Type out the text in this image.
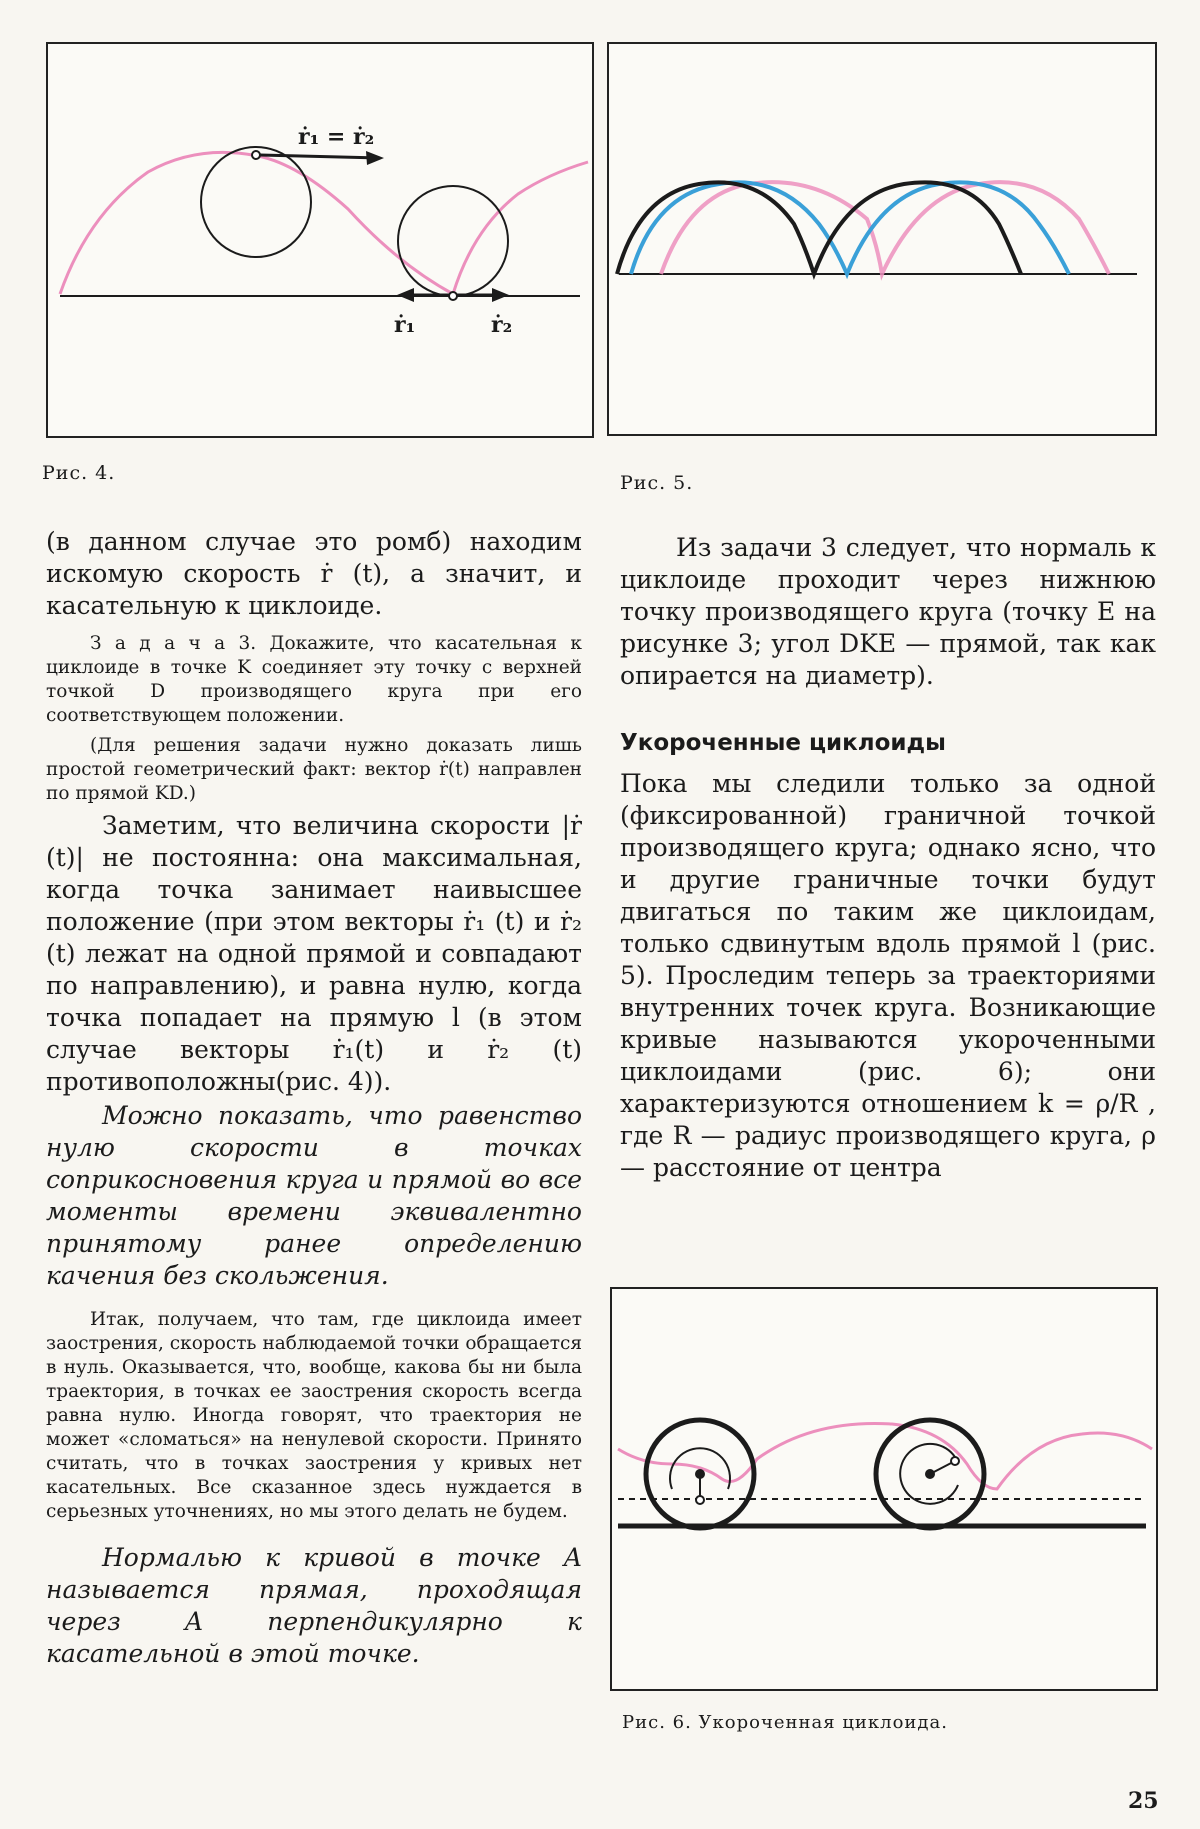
ṙ₁ = ṙ₂
ṙ₁	ṙ₂
Рис. 4.	Рис. 5.

(в данном случае это ромб) находим искомую скорость ṙ (t), а значит, и касательную к циклоиде.

З а д а ч а 3. Докажите, что касательная к циклоиде в точке K соединяет эту точку с верхней точкой D производящего круга при его соответствующем положении.

(Для решения задачи нужно доказать лишь простой геометрический факт: вектор ṙ(t) направлен по прямой KD.)

Заметим, что величина скорости |ṙ (t)| не постоянна: она максимальная, когда точка занимает наивысшее положение (при этом векторы ṙ₁ (t) и ṙ₂ (t) лежат на одной прямой и совпадают по направлению), и равна нулю, когда точка попадает на прямую l (в этом случае векторы ṙ₁(t) и ṙ₂ (t) противоположны(рис. 4)).

Можно показать, что равенство нулю скорости в точках соприкосновения круга и прямой во все моменты времени эквивалентно принятому ранее определению качения без скольжения.

Итак, получаем, что там, где циклоида имеет заострения, скорость наблюдаемой точки обращается в нуль. Оказывается, что, вообще, какова бы ни была траектория, в точках ее заострения скорость всегда равна нулю. Иногда говорят, что траектория не может «сломаться» на ненулевой скорости. Принято считать, что в точках заострения у кривых нет касательных. Все сказанное здесь нуждается в серьезных уточнениях, но мы этого делать не будем.

Нормалью к кривой в точке A называется прямая, проходящая через A перпендикулярно к касательной в этой точке.

Из задачи 3 следует, что нормаль к циклоиде проходит через нижнюю точку производящего круга (точку E на рисунке 3; угол DKE — прямой, так как опирается на диаметр).

Укороченные циклоиды

Пока мы следили только за одной (фиксированной) граничной точкой производящего круга; однако ясно, что и другие граничные точки будут двигаться по таким же циклоидам, только сдвинутым вдоль прямой l (рис. 5). Проследим теперь за траекториями внутренних точек круга. Возникающие кривые называются укороченными циклоидами (рис. 6); они характеризуются отношением k = ρ/R , где R — радиус производящего круга, ρ — расстояние от центра

Рис. 6. Укороченная циклоида.
25
